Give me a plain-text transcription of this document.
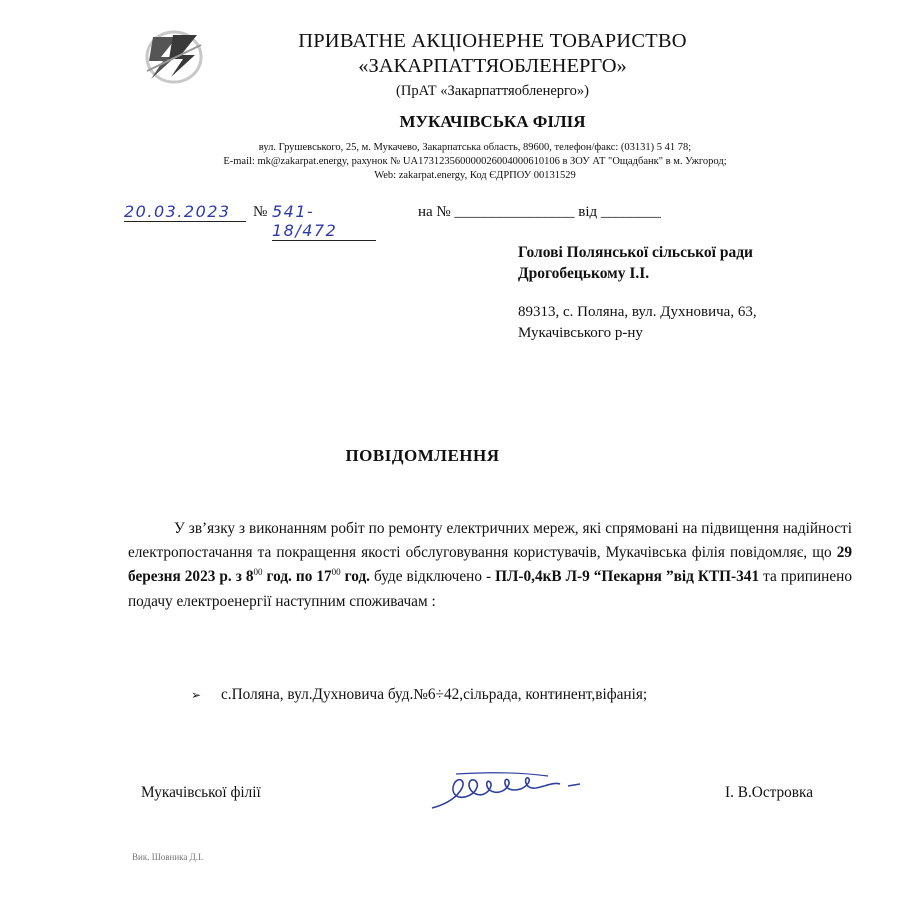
ПРИВАТНЕ АКЦІОНЕРНЕ ТОВАРИСТВО
«ЗАКАРПАТТЯОБЛЕНЕРГО»
(ПрАТ «Закарпаттяобленерго»)
МУКАЧІВСЬКА ФІЛІЯ
вул. Грушевського, 25, м. Мукачево, Закарпатська область, 89600, телефон/факс: (03131) 5 41 78;
E-mail: mk@zakarpat.energy, рахунок № UA173123560000026004000610106 в ЗОУ АТ "Ощадбанк" в м. Ужгород;
Web: zakarpat.energy, Код ЄДРПОУ 00131529
20.03.2023	№ 541-18/472
на № ________________ від ________
Голові Полянської сільської ради
Дрогобецькому І.І.
89313, с. Поляна, вул. Духновича, 63,
Мукачівського р-ну
ПОВІДОМЛЕННЯ

У зв’язку з виконанням робіт по ремонту електричних мереж, які спрямовані на підвищення надійності електропостачання та покращення якості обслуговування користувачів, Мукачівська філія повідомляє, що 29 березня 2023 р. з $8^{00}$ год. по $17^{00}$ год. буде відключено - ПЛ-0,4кВ Л-9 “Пекарня ”від КТП-341 та припинено подачу електроенергії наступним споживачам :

➢ с.Поляна, вул.Духновича буд.№6÷42,сільрада, континент,віфанія;
Мукачівської філії	І. В.Островка
Вик. Шовника Д.І.
